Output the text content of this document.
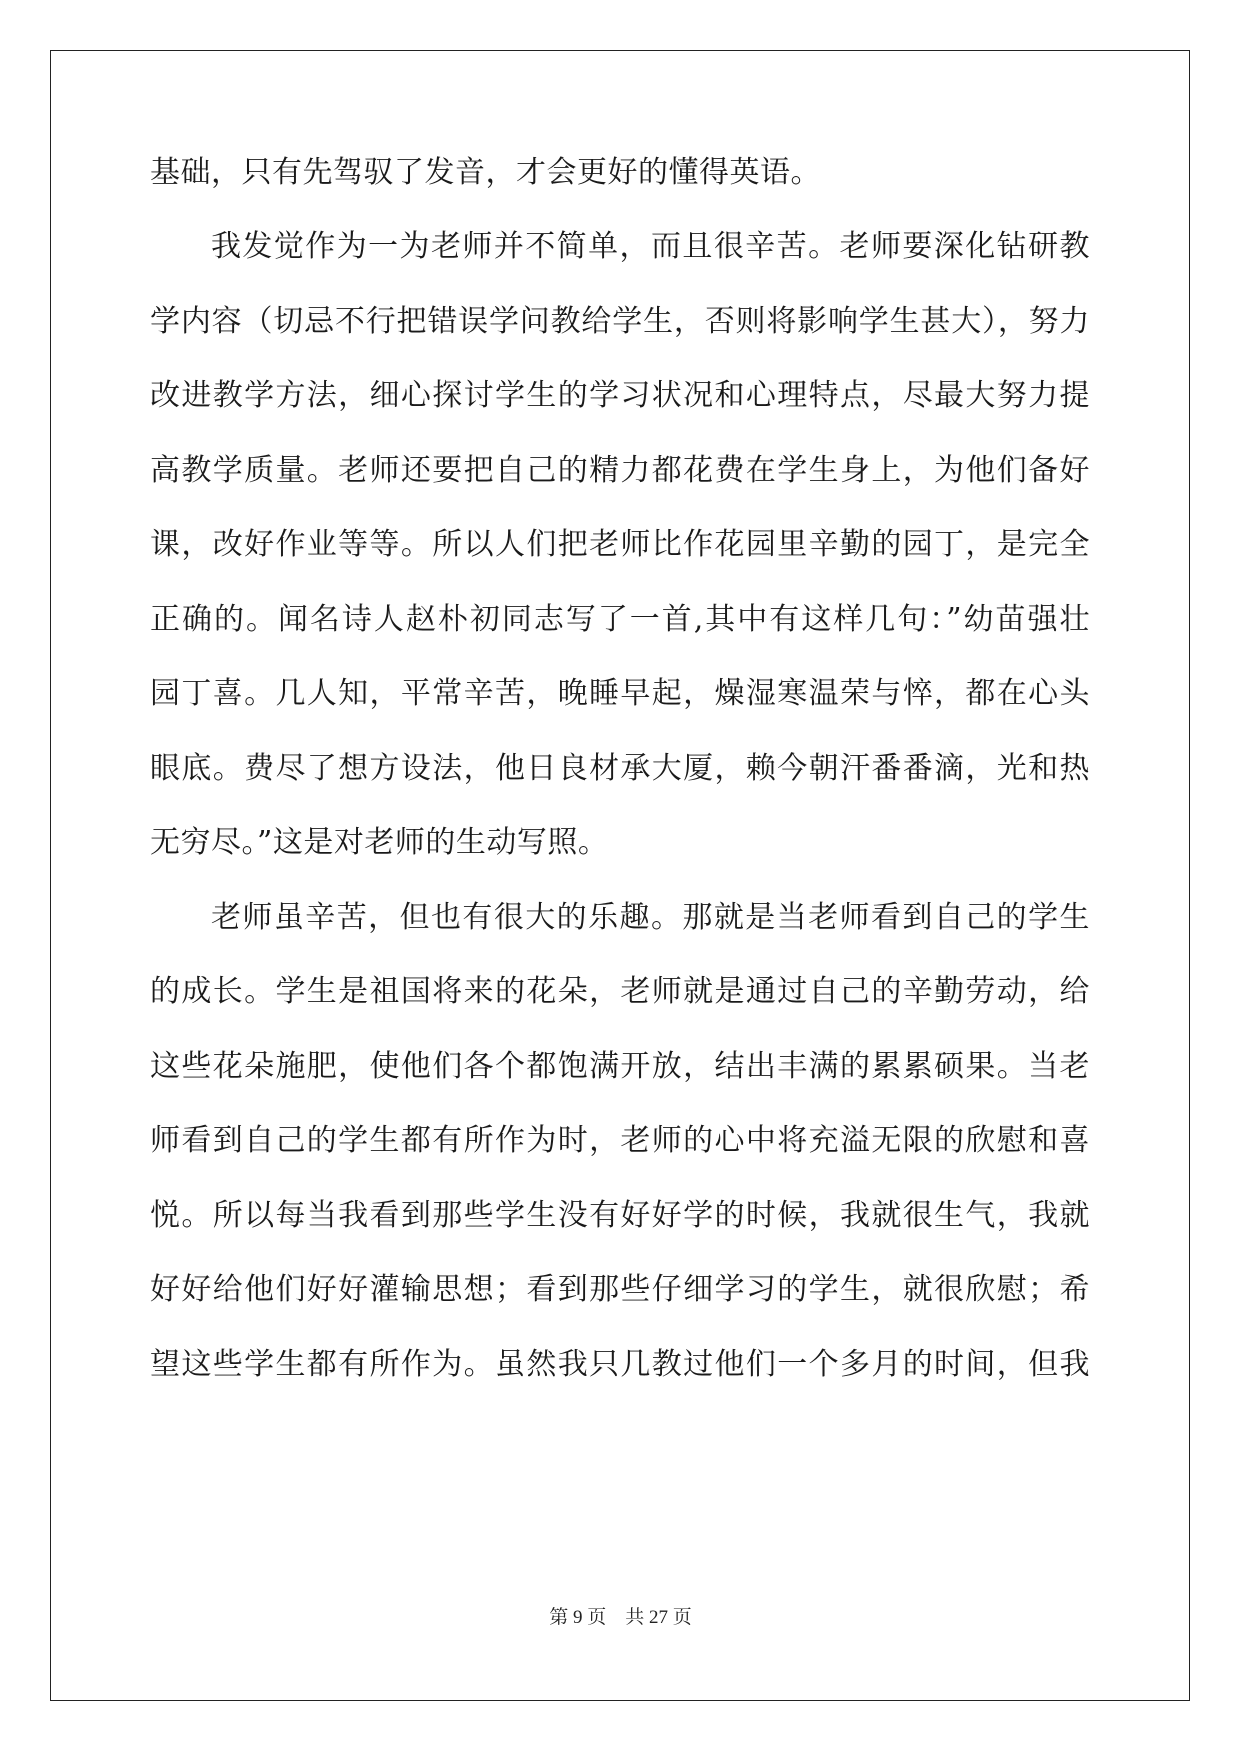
基础，只有先驾驭了发音，才会更好的懂得英语。
我发觉作为一为老师并不简单，而且很辛苦。老师要深化钻研教
学内容（切忌不行把错误学问教给学生，否则将影响学生甚大），努力
改进教学方法，细心探讨学生的学习状况和心理特点，尽最大努力提
高教学质量。老师还要把自己的精力都花费在学生身上，为他们备好
课，改好作业等等。所以人们把老师比作花园里辛勤的园丁，是完全
正确的。闻名诗人赵朴初同志写了一首,其中有这样几句：”幼苗强壮
园丁喜。几人知，平常辛苦，晚睡早起，燥湿寒温荣与悴，都在心头
眼底。费尽了想方设法，他日良材承大厦，赖今朝汗番番滴，光和热
无穷尽。”这是对老师的生动写照。
老师虽辛苦，但也有很大的乐趣。那就是当老师看到自己的学生
的成长。学生是祖国将来的花朵，老师就是通过自己的辛勤劳动，给
这些花朵施肥，使他们各个都饱满开放，结出丰满的累累硕果。当老
师看到自己的学生都有所作为时，老师的心中将充溢无限的欣慰和喜
悦。所以每当我看到那些学生没有好好学的时候，我就很生气，我就
好好给他们好好灌输思想；看到那些仔细学习的学生，就很欣慰；希
望这些学生都有所作为。虽然我只几教过他们一个多月的时间，但我
第 9 页    共 27 页
